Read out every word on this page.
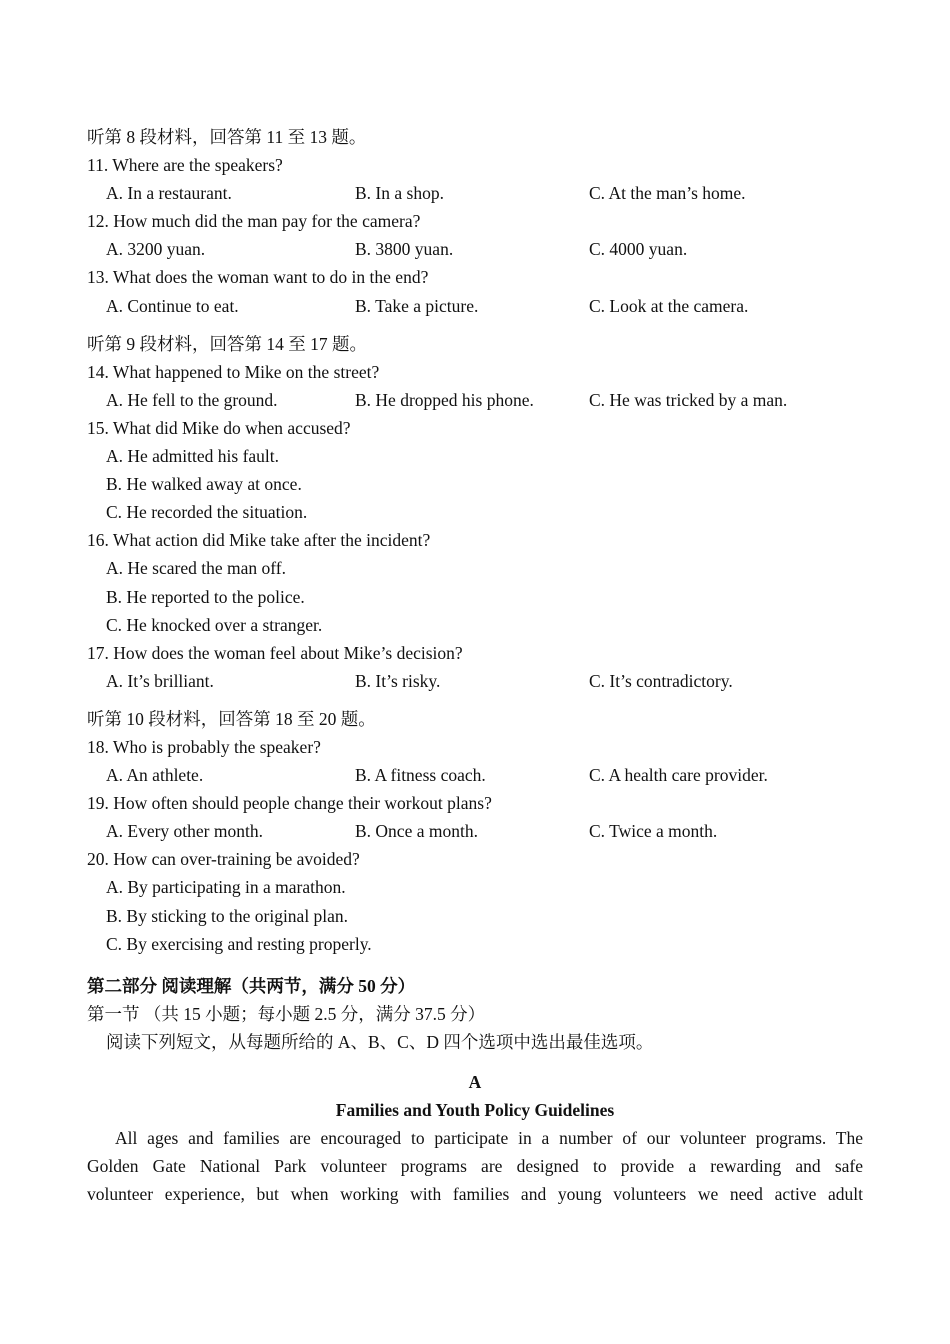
听第 8 段材料，回答第 11 至 13 题。
11. Where are the speakers?
A. In a restaurant.	B. In a shop.	C. At the man’s home.
12. How much did the man pay for the camera?
A. 3200 yuan.	B. 3800 yuan.	C. 4000 yuan.
13. What does the woman want to do in the end?
A. Continue to eat.	B. Take a picture.	C. Look at the camera.
听第 9 段材料，回答第 14 至 17 题。
14. What happened to Mike on the street?
A. He fell to the ground.	B. He dropped his phone.	C. He was tricked by a man.
15. What did Mike do when accused?
A. He admitted his fault.
B. He walked away at once.
C. He recorded the situation.
16. What action did Mike take after the incident?
A. He scared the man off.
B. He reported to the police.
C. He knocked over a stranger.
17. How does the woman feel about Mike’s decision?
A. It’s brilliant.	B. It’s risky.	C. It’s contradictory.
听第 10 段材料，回答第 18 至 20 题。
18. Who is probably the speaker?
A. An athlete.	B. A fitness coach.	C. A health care provider.
19. How often should people change their workout plans?
A. Every other month.	B. Once a month.	C. Twice a month.
20. How can over-training be avoided?
A. By participating in a marathon.
B. By sticking to the original plan.
C. By exercising and resting properly.
第二部分 阅读理解（共两节，满分 50 分）
第一节 （共 15 小题；每小题 2.5 分，满分 37.5 分）
阅读下列短文，从每题所给的 A、B、C、D 四个选项中选出最佳选项。
A
Families and Youth Policy Guidelines
All ages and families are encouraged to participate in a number of our volunteer programs. The
Golden Gate National Park volunteer programs are designed to provide a rewarding and safe
volunteer experience, but when working with families and young volunteers we need active adult
